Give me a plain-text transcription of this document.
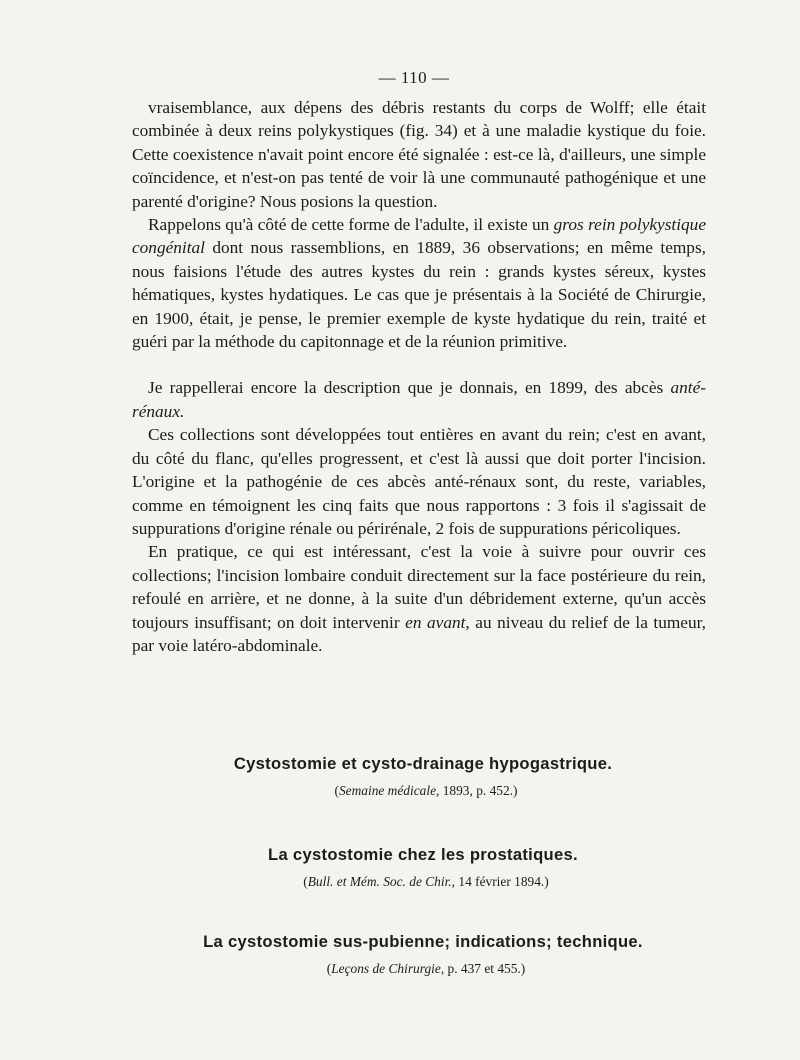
— 110 —

vraisemblance, aux dépens des débris restants du corps de Wolff; elle était combinée à deux reins polykystiques (fig. 34) et à une maladie kystique du foie. Cette coexistence n'avait point encore été signalée : est-ce là, d'ailleurs, une simple coïncidence, et n'est-on pas tenté de voir là une communauté pathogénique et une parenté d'origine? Nous posions la question.

Rappelons qu'à côté de cette forme de l'adulte, il existe un gros rein polykystique congénital dont nous rassemblions, en 1889, 36 observations; en même temps, nous faisions l'étude des autres kystes du rein : grands kystes séreux, kystes hématiques, kystes hydatiques. Le cas que je présentais à la Société de Chirurgie, en 1900, était, je pense, le premier exemple de kyste hydatique du rein, traité et guéri par la méthode du capitonnage et de la réunion primitive.

Je rappellerai encore la description que je donnais, en 1899, des abcès anté-rénaux.

Ces collections sont développées tout entières en avant du rein; c'est en avant, du côté du flanc, qu'elles progressent, et c'est là aussi que doit porter l'incision. L'origine et la pathogénie de ces abcès anté-rénaux sont, du reste, variables, comme en témoignent les cinq faits que nous rapportons : 3 fois il s'agissait de suppurations d'origine rénale ou périrénale, 2 fois de suppurations péricoliques.

En pratique, ce qui est intéressant, c'est la voie à suivre pour ouvrir ces collections; l'incision lombaire conduit directement sur la face postérieure du rein, refoulé en arrière, et ne donne, à la suite d'un débridement externe, qu'un accès toujours insuffisant; on doit intervenir en avant, au niveau du relief de la tumeur, par voie latéro-abdominale.

Cystostomie et cysto-drainage hypogastrique.
(Semaine médicale, 1893, p. 452.)
La cystostomie chez les prostatiques.
(Bull. et Mém. Soc. de Chir., 14 février 1894.)
La cystostomie sus-pubienne; indications; technique.
(Leçons de Chirurgie, p. 437 et 455.)
